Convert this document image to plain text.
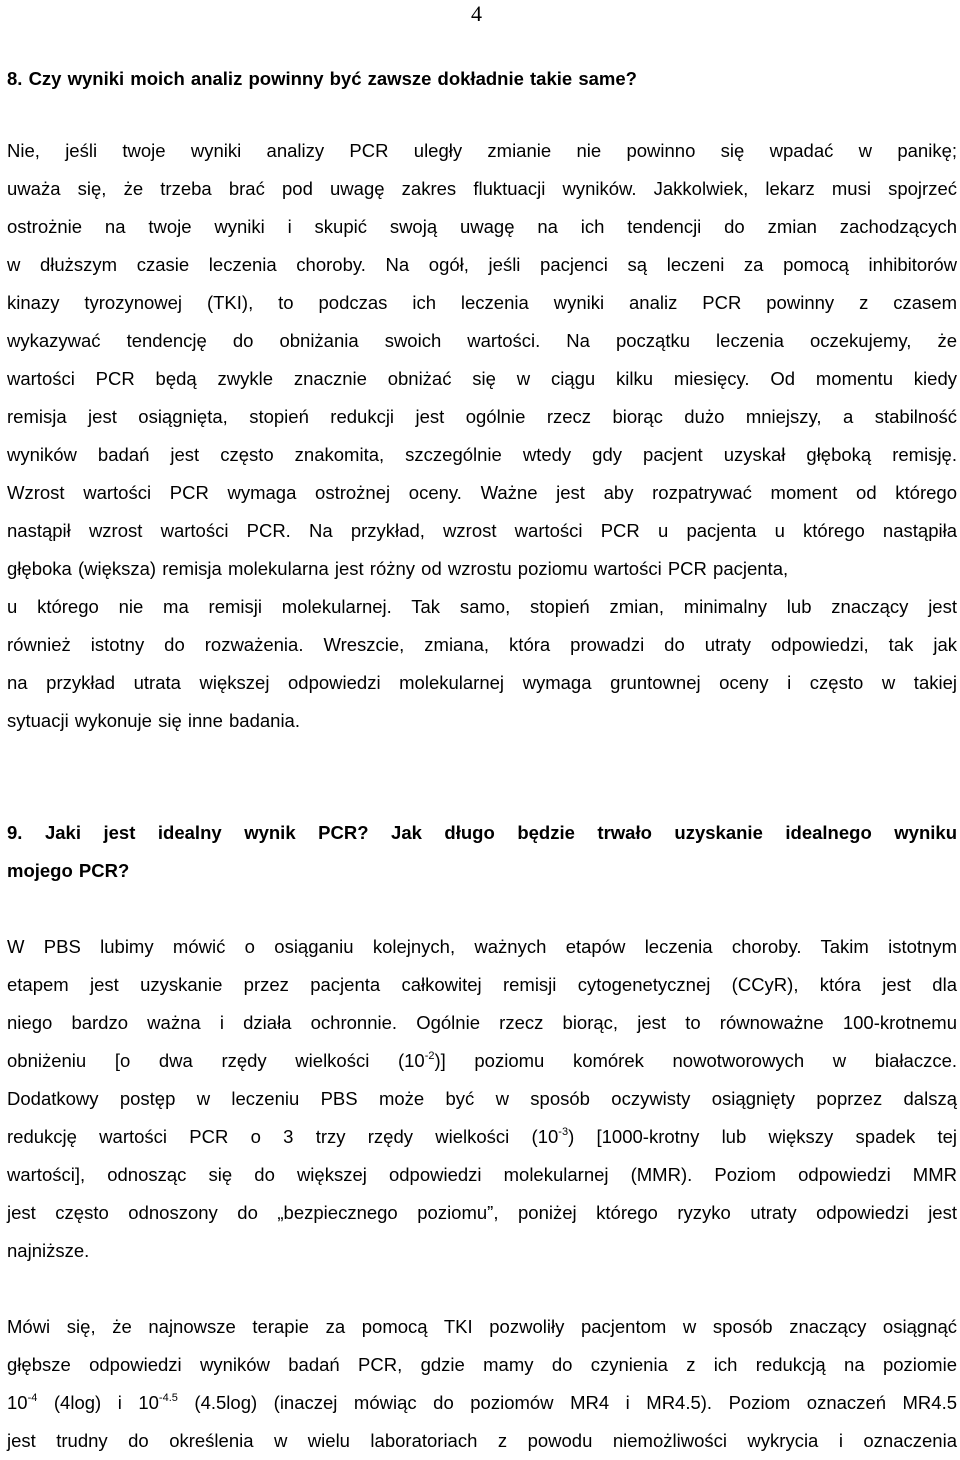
4
8. Czy wyniki moich analiz powinny być zawsze dokładnie takie same?
Nie, jeśli twoje wyniki analizy PCR uległy zmianie nie powinno się wpadać w panikę;
uważa się, że trzeba brać pod uwagę zakres fluktuacji wyników. Jakkolwiek, lekarz musi spojrzeć
ostrożnie na twoje wyniki i skupić swoją uwagę na ich tendencji do zmian zachodzących
w dłuższym czasie leczenia choroby. Na ogół, jeśli pacjenci są leczeni za pomocą inhibitorów
kinazy tyrozynowej (TKI), to podczas ich leczenia wyniki analiz PCR powinny z czasem
wykazywać tendencję do obniżania swoich wartości. Na początku leczenia oczekujemy, że
wartości PCR będą zwykle znacznie obniżać się w ciągu kilku miesięcy. Od momentu kiedy
remisja jest osiągnięta, stopień redukcji jest ogólnie rzecz biorąc dużo mniejszy, a stabilność
wyników badań jest często znakomita, szczególnie wtedy gdy pacjent uzyskał głęboką remisję.
Wzrost wartości PCR wymaga ostrożnej oceny. Ważne jest aby rozpatrywać moment od którego
nastąpił wzrost wartości PCR. Na przykład, wzrost wartości PCR u pacjenta u którego nastąpiła
głęboka (większa) remisja molekularna jest różny od wzrostu poziomu wartości PCR pacjenta,
u którego nie ma remisji molekularnej. Tak samo, stopień zmian, minimalny lub znaczący jest
również istotny do rozważenia. Wreszcie, zmiana, która prowadzi do utraty odpowiedzi, tak jak
na przykład utrata większej odpowiedzi molekularnej wymaga gruntownej oceny i często w takiej
sytuacji wykonuje się inne badania.
9. Jaki jest idealny wynik PCR? Jak długo będzie trwało uzyskanie idealnego wyniku
mojego PCR?
W PBS lubimy mówić o osiąganiu kolejnych, ważnych etapów leczenia choroby. Takim istotnym
etapem jest uzyskanie przez pacjenta całkowitej remisji cytogenetycznej (CCyR), która jest dla
niego bardzo ważna i działa ochronnie. Ogólnie rzecz biorąc, jest to równoważne 100-krotnemu
obniżeniu [o dwa rzędy wielkości $(10^{-2})$] poziomu komórek nowotworowych w białaczce.
Dodatkowy postęp w leczeniu PBS może być w sposób oczywisty osiągnięty poprzez dalszą
redukcję wartości PCR o 3 trzy rzędy wielkości $(10^{-3})$ [1000-krotny lub większy spadek tej
wartości], odnosząc się do większej odpowiedzi molekularnej (MMR). Poziom odpowiedzi MMR
jest często odnoszony do „bezpiecznego poziomu”, poniżej którego ryzyko utraty odpowiedzi jest
najniższe.
Mówi się, że najnowsze terapie za pomocą TKI pozwoliły pacjentom w sposób znaczący osiągnąć
głębsze odpowiedzi wyników badań PCR, gdzie mamy do czynienia z ich redukcją na poziomie
$10^{-4}$ (4log) i $10^{-4.5}$ (4.5log) (inaczej mówiąc do poziomów MR4 i MR4.5). Poziom oznaczeń MR4.5
jest trudny do określenia w wielu laboratoriach z powodu niemożliwości wykrycia i oznaczenia
